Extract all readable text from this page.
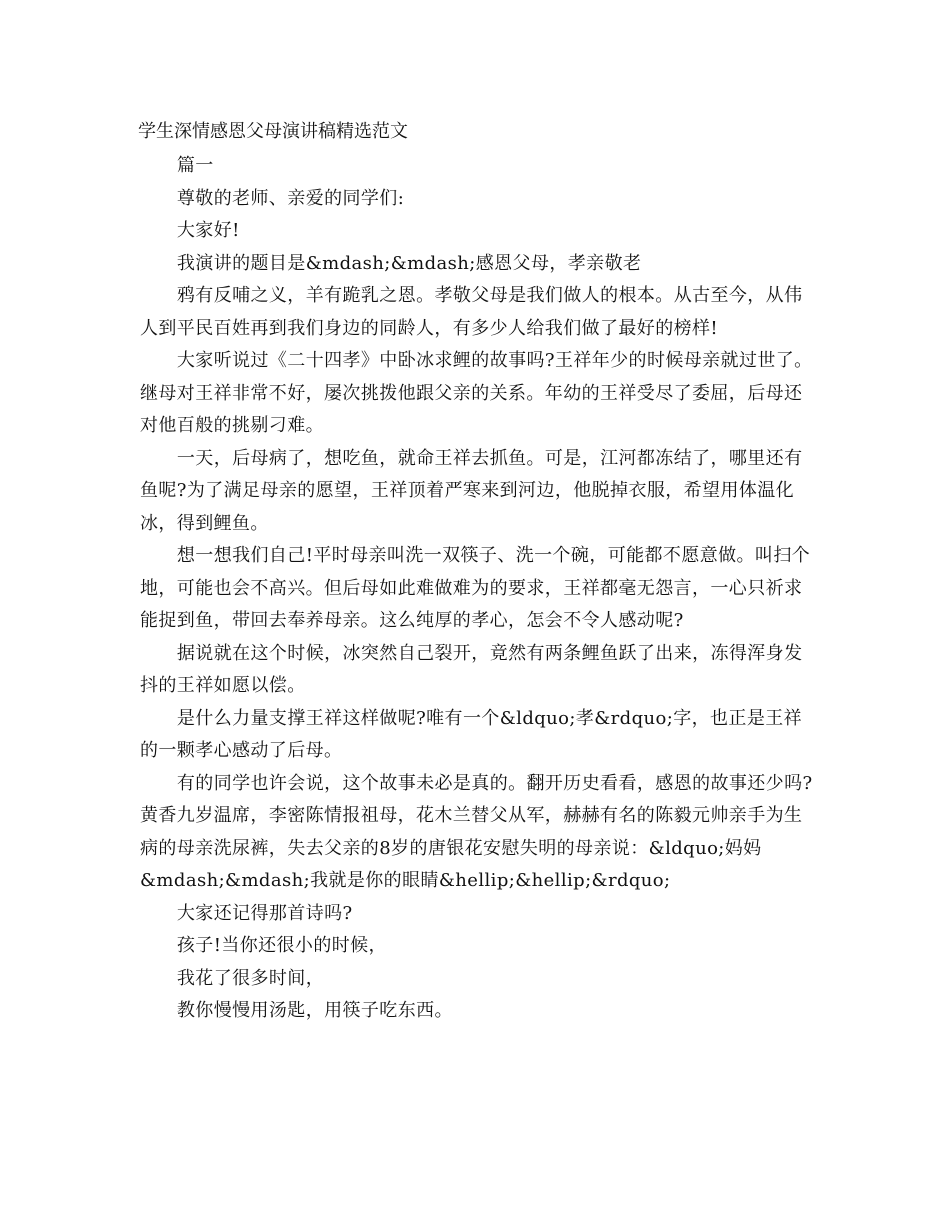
学生深情感恩父母演讲稿精选范文

篇一

尊敬的老师、亲爱的同学们:

大家好!

我演讲的题目是&mdash;&mdash;感恩父母，孝亲敬老

鸦有反哺之义，羊有跪乳之恩。孝敬父母是我们做人的根本。从古至今，从伟人到平民百姓再到我们身边的同龄人，有多少人给我们做了最好的榜样!

大家听说过《二十四孝》中卧冰求鲤的故事吗?王祥年少的时候母亲就过世了。继母对王祥非常不好，屡次挑拨他跟父亲的关系。年幼的王祥受尽了委屈，后母还对他百般的挑剔刁难。

一天，后母病了，想吃鱼，就命王祥去抓鱼。可是，江河都冻结了，哪里还有鱼呢?为了满足母亲的愿望，王祥顶着严寒来到河边，他脱掉衣服，希望用体温化冰，得到鲤鱼。

想一想我们自己!平时母亲叫洗一双筷子、洗一个碗，可能都不愿意做。叫扫个地，可能也会不高兴。但后母如此难做难为的要求，王祥都毫无怨言，一心只祈求能捉到鱼，带回去奉养母亲。这么纯厚的孝心，怎会不令人感动呢?

据说就在这个时候，冰突然自己裂开，竟然有两条鲤鱼跃了出来，冻得浑身发抖的王祥如愿以偿。

是什么力量支撑王祥这样做呢?唯有一个&ldquo;孝&rdquo;字，也正是王祥的一颗孝心感动了后母。

有的同学也许会说，这个故事未必是真的。翻开历史看看，感恩的故事还少吗?黄香九岁温席，李密陈情报祖母，花木兰替父从军，赫赫有名的陈毅元帅亲手为生病的母亲洗尿裤，失去父亲的8岁的唐银花安慰失明的母亲说：&ldquo;妈妈&mdash;&mdash;我就是你的眼睛&hellip;&hellip;&rdquo;

大家还记得那首诗吗?

孩子!当你还很小的时候，

我花了很多时间，

教你慢慢用汤匙，用筷子吃东西。
